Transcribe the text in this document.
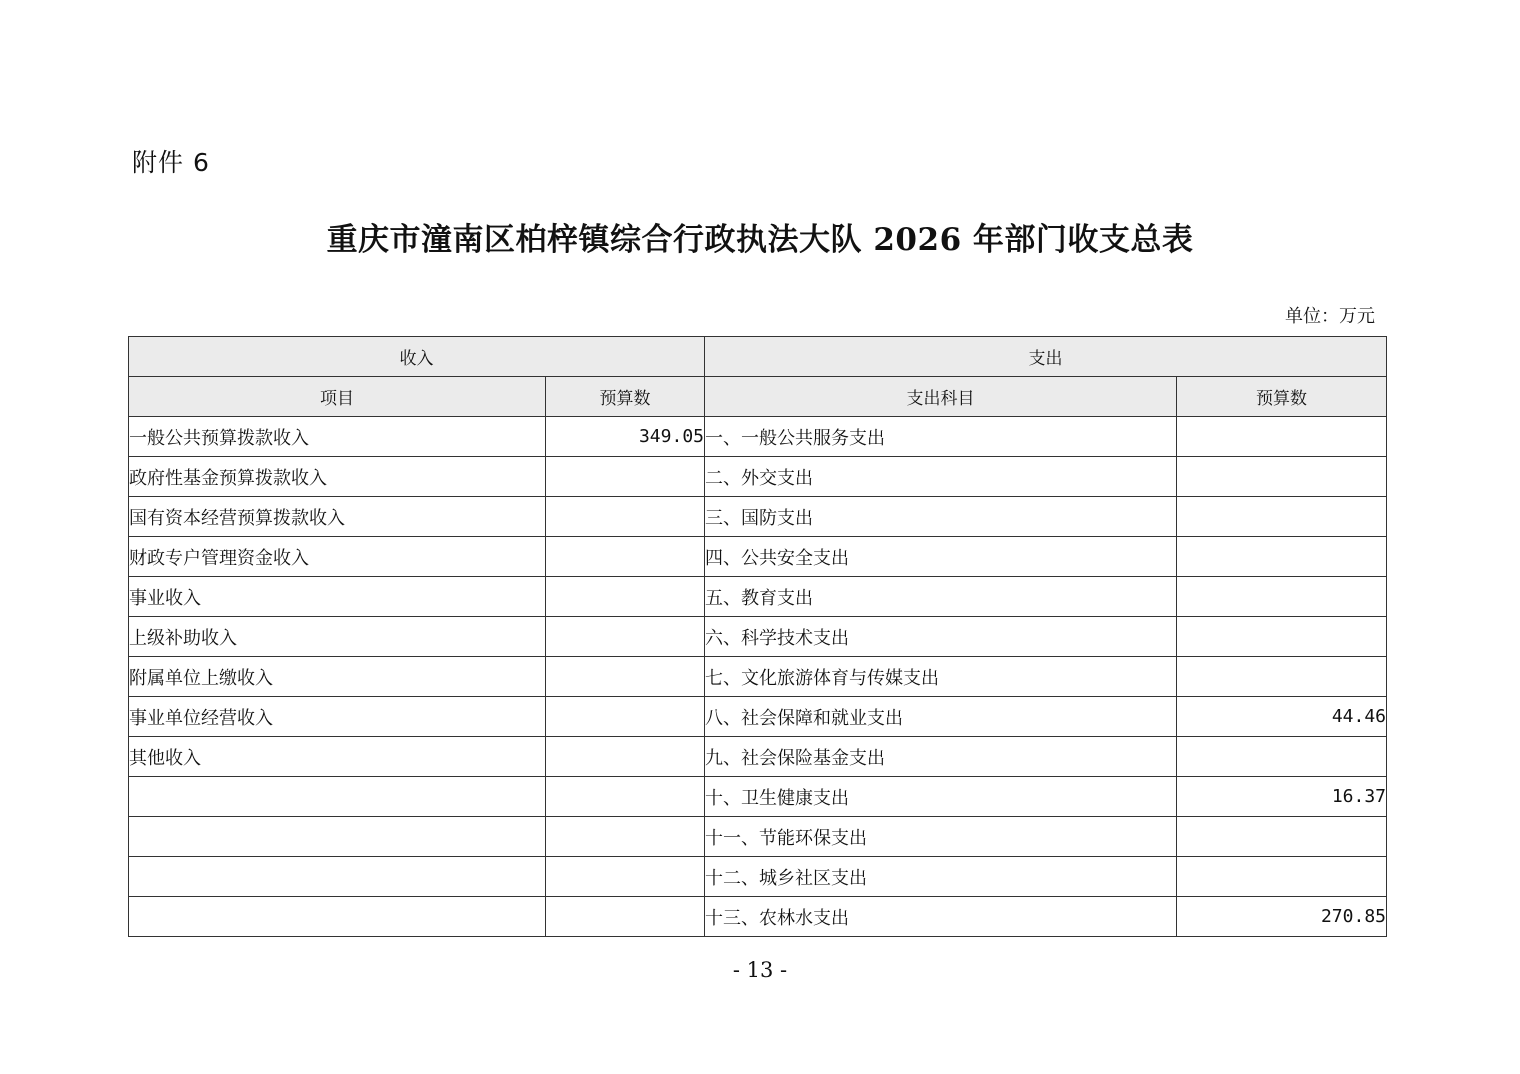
附件 6
重庆市潼南区柏梓镇综合行政执法大队 2026 年部门收支总表
单位：万元
收入		支出	
项目	预算数	支出科目	预算数
一般公共预算拨款收入	349.05	一、一般公共服务支出	
政府性基金预算拨款收入		二、外交支出	
国有资本经营预算拨款收入		三、国防支出	
财政专户管理资金收入		四、公共安全支出	
事业收入		五、教育支出	
上级补助收入		六、科学技术支出	
附属单位上缴收入		七、文化旅游体育与传媒支出	
事业单位经营收入		八、社会保障和就业支出	44.46
其他收入		九、社会保险基金支出	
		十、卫生健康支出	16.37
		十一、节能环保支出	
		十二、城乡社区支出	
		十三、农林水支出	270.85
- 13 -
